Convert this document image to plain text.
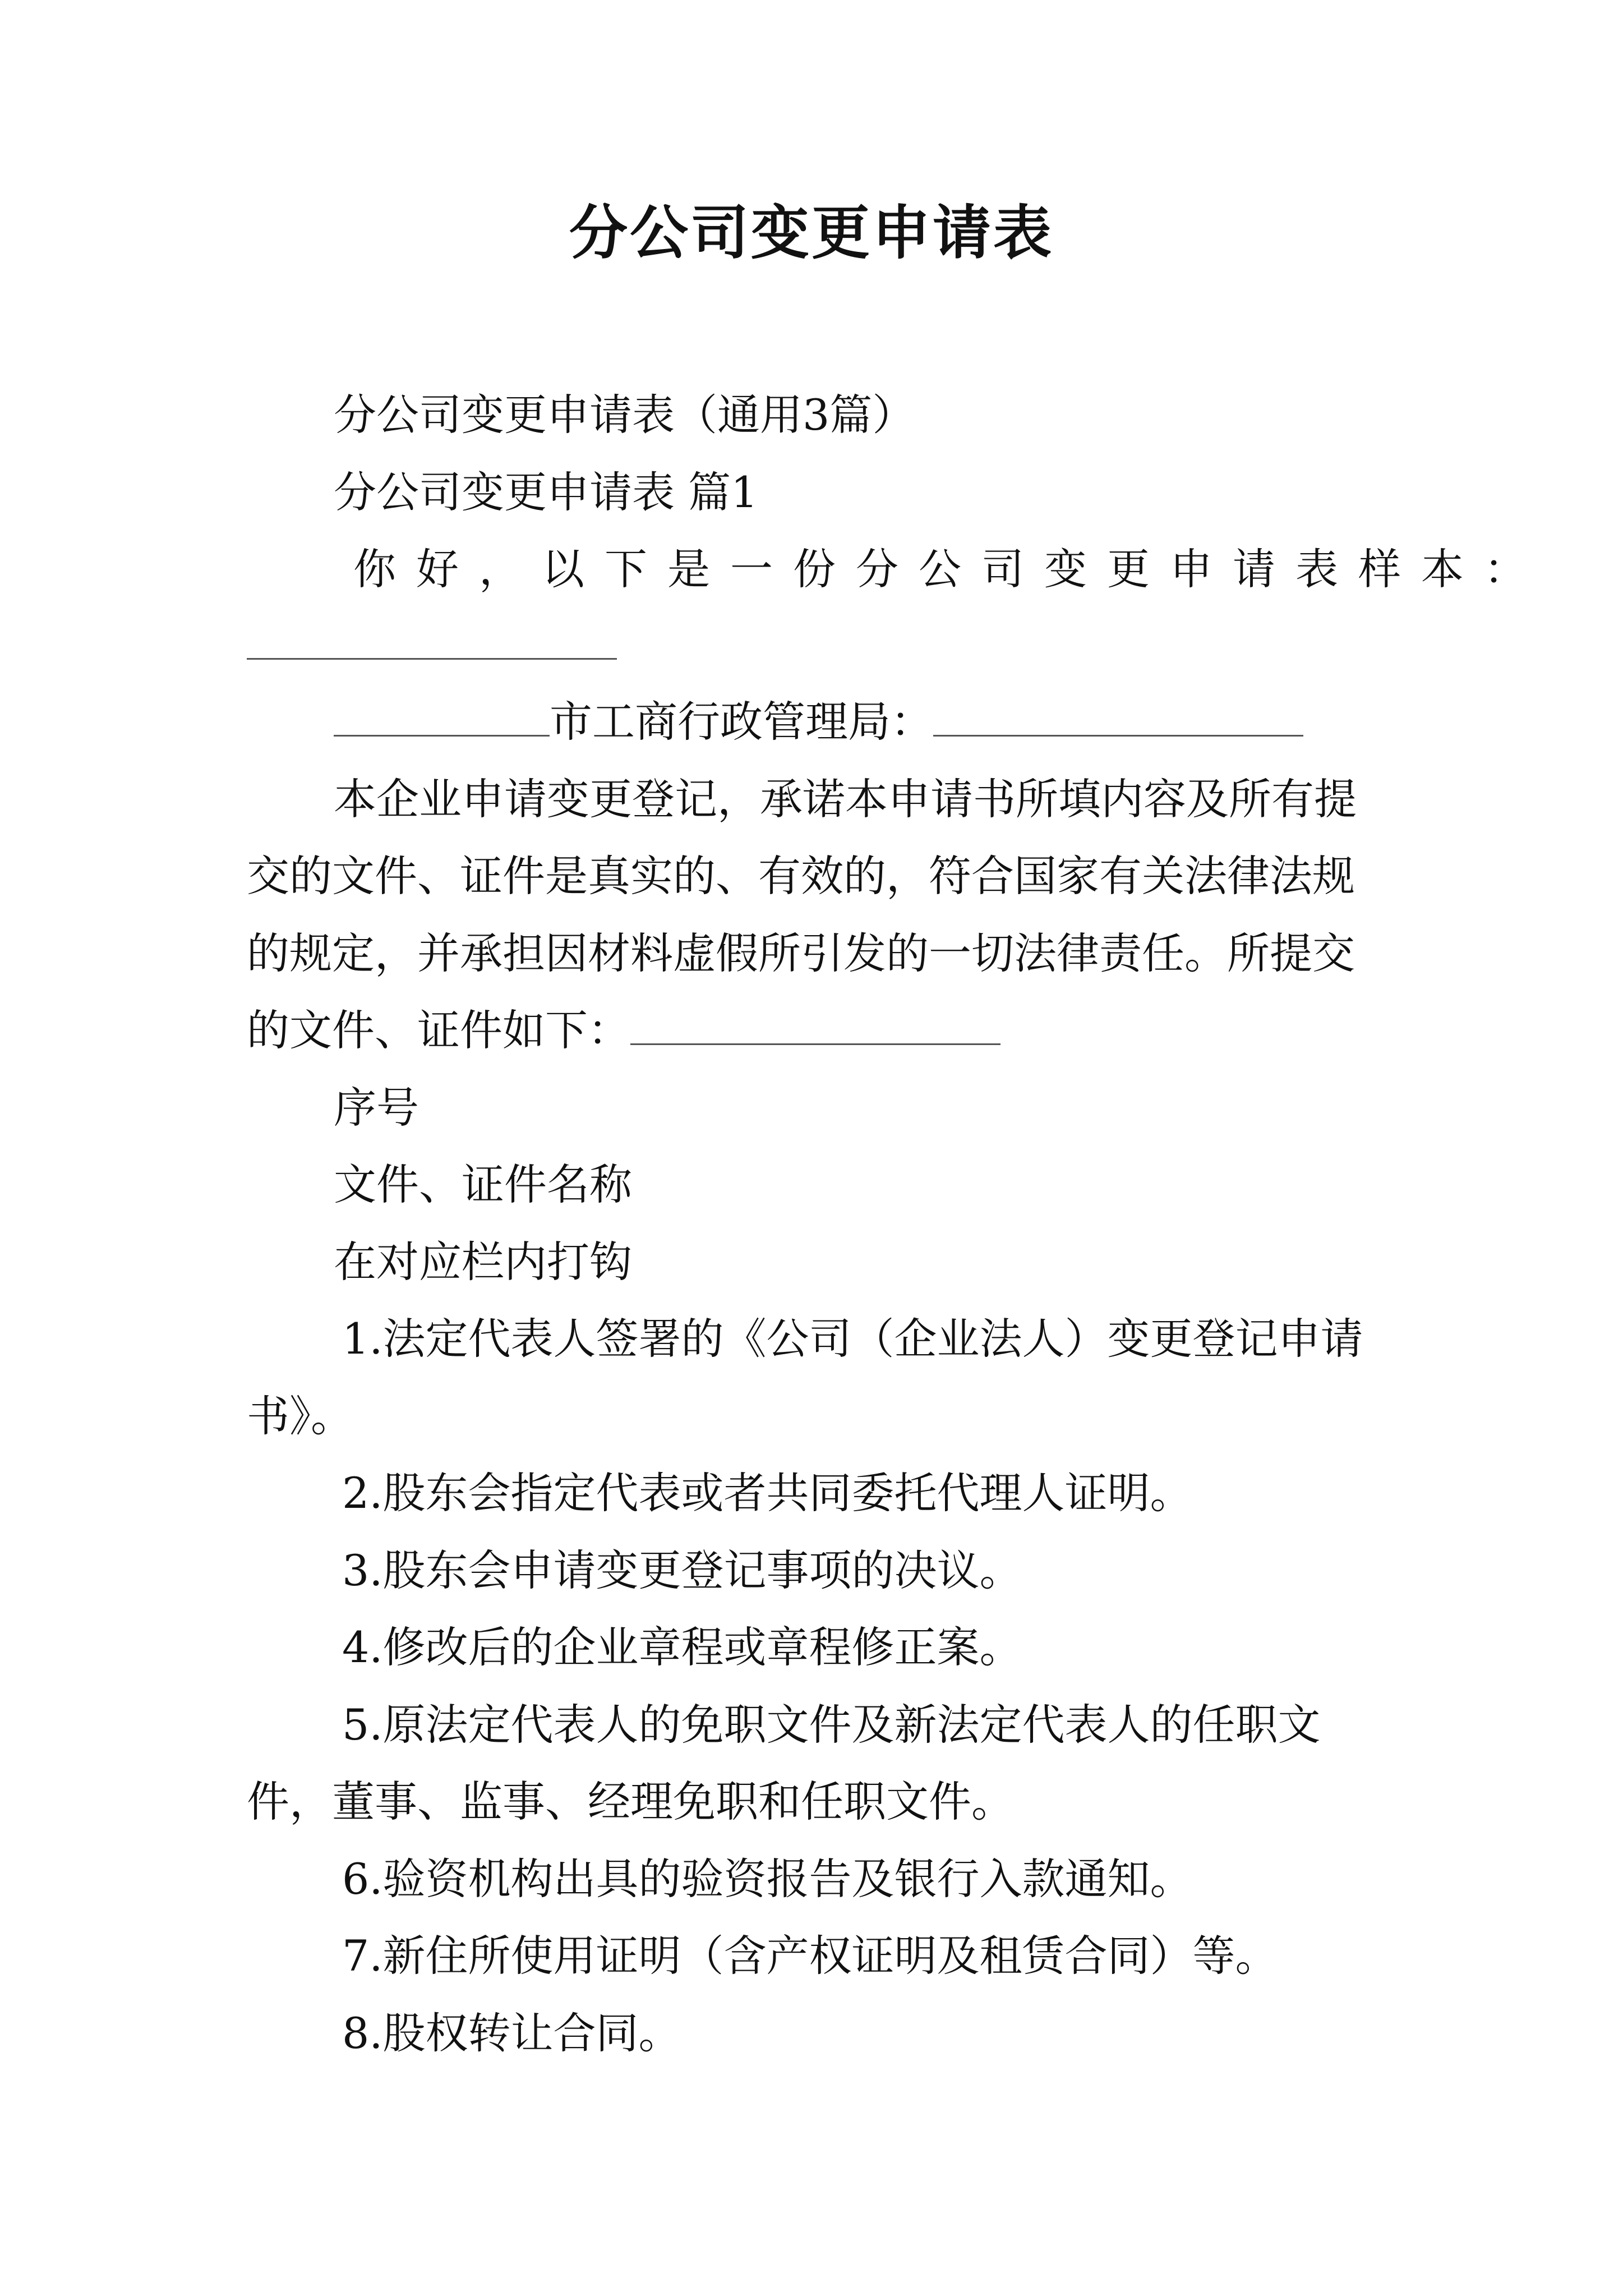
分公司变更申请表
分公司变更申请表（通用3篇）
分公司变更申请表 篇1
你好，以下是一份分公司变更申请表样本：
市工商行政管理局：
本企业申请变更登记，承诺本申请书所填内容及所有提
交的文件、证件是真实的、有效的，符合国家有关法律法规
的规定，并承担因材料虚假所引发的一切法律责任。所提交
的文件、证件如下：
序号
文件、证件名称
在对应栏内打钩
1.法定代表人签署的《公司（企业法人）变更登记申请
书》。
2.股东会指定代表或者共同委托代理人证明。
3.股东会申请变更登记事项的决议。
4.修改后的企业章程或章程修正案。
5.原法定代表人的免职文件及新法定代表人的任职文
件，董事、监事、经理免职和任职文件。
6.验资机构出具的验资报告及银行入款通知。
7.新住所使用证明（含产权证明及租赁合同）等。
8.股权转让合同。
